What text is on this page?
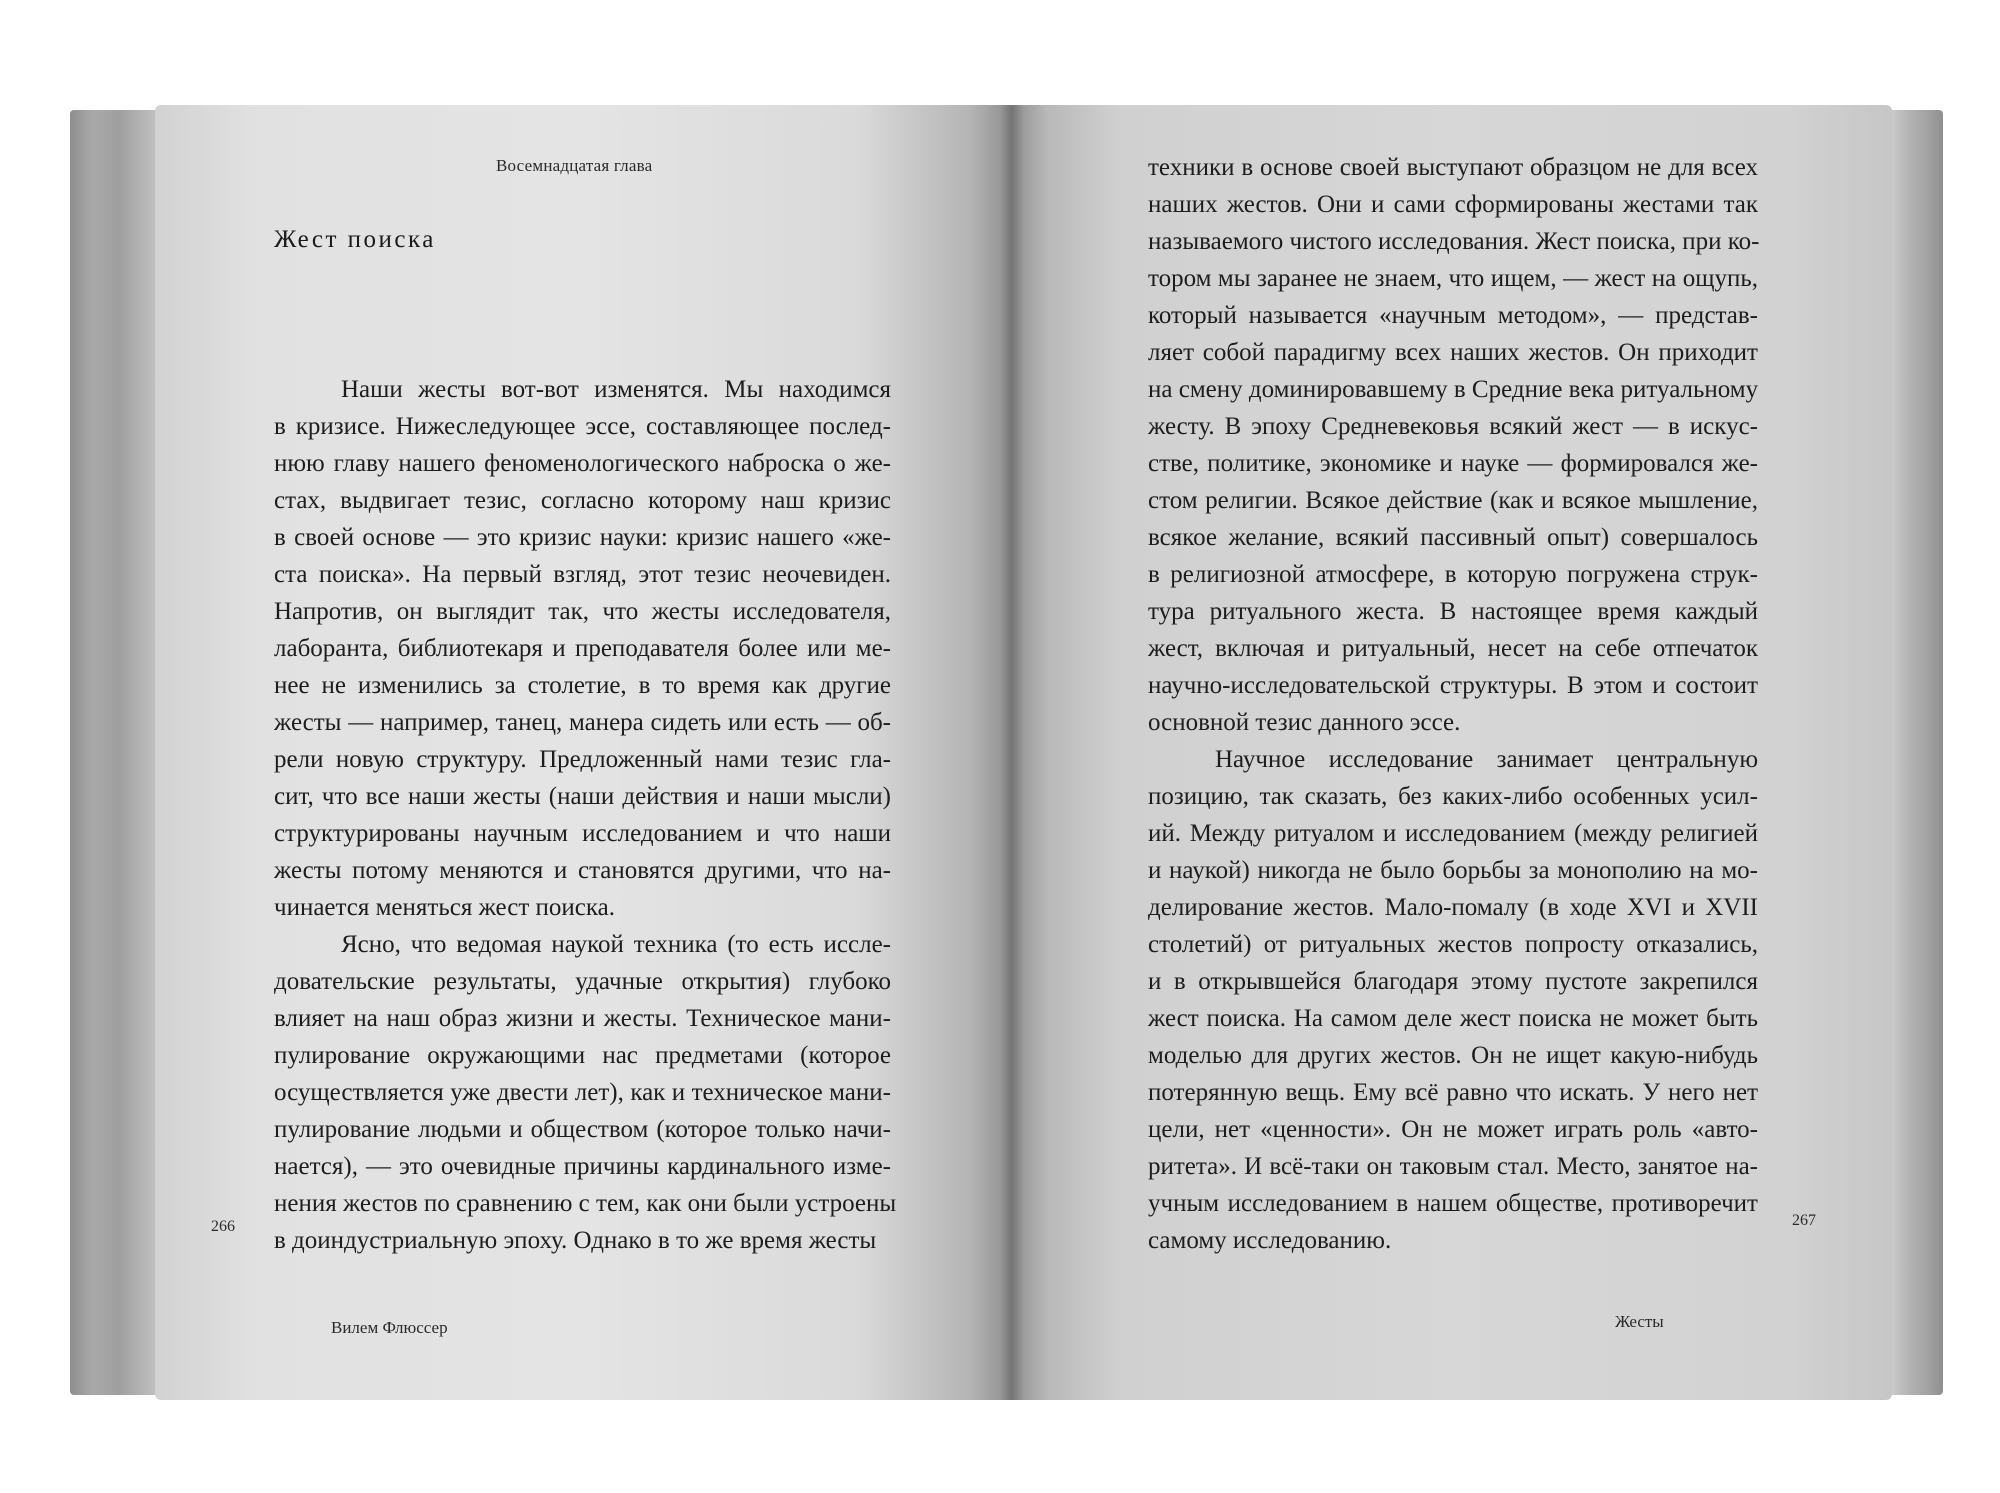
Восемнадцатая глава
Жест поиска
Наши жесты вот-вот изменятся. Мы находимся
в кризисе. Нижеследующее эссе, составляющее послед-
нюю главу нашего феноменологического наброска о же-
стах, выдвигает тезис, согласно которому наш кризис
в своей основе — это кризис науки: кризис нашего «же-
ста поиска». На первый взгляд, этот тезис неочевиден.
Напротив, он выглядит так, что жесты исследователя,
лаборанта, библиотекаря и преподавателя более или ме-
нее не изменились за столетие, в то время как другие
жесты — например, танец, манера сидеть или есть — об-
рели новую структуру. Предложенный нами тезис гла-
сит, что все наши жесты (наши действия и наши мысли)
структурированы научным исследованием и что наши
жесты потому меняются и становятся другими, что на-
чинается меняться жест поиска.
Ясно, что ведомая наукой техника (то есть иссле-
довательские результаты, удачные открытия) глубоко
влияет на наш образ жизни и жесты. Техническое мани-
пулирование окружающими нас предметами (которое
осуществляется уже двести лет), как и техническое мани-
пулирование людьми и обществом (которое только начи-
нается), — это очевидные причины кардинального изме-
нения жестов по сравнению с тем, как они были устроены
в доиндустриальную эпоху. Однако в то же время жесты
266
Вилем Флюссер
техники в основе своей выступают образцом не для всех
наших жестов. Они и сами сформированы жестами так
называемого чистого исследования. Жест поиска, при ко-
тором мы заранее не знаем, что ищем, — жест на ощупь,
который называется «научным методом», — представ-
ляет собой парадигму всех наших жестов. Он приходит
на смену доминировавшему в Средние века ритуальному
жесту. В эпоху Средневековья всякий жест — в искус-
стве, политике, экономике и науке — формировался же-
стом религии. Всякое действие (как и всякое мышление,
всякое желание, всякий пассивный опыт) совершалось
в религиозной атмосфере, в которую погружена струк-
тура ритуального жеста. В настоящее время каждый
жест, включая и ритуальный, несет на себе отпечаток
научно-исследовательской структуры. В этом и состоит
основной тезис данного эссе.
Научное исследование занимает центральную
позицию, так сказать, без каких-либо особенных усил-
ий. Между ритуалом и исследованием (между религией
и наукой) никогда не было борьбы за монополию на мо-
делирование жестов. Мало-помалу (в ходе XVI и XVII
столетий) от ритуальных жестов попросту отказались,
и в открывшейся благодаря этому пустоте закрепился
жест поиска. На самом деле жест поиска не может быть
моделью для других жестов. Он не ищет какую-нибудь
потерянную вещь. Ему всё равно что искать. У него нет
цели, нет «ценности». Он не может играть роль «авто-
ритета». И всё-таки он таковым стал. Место, занятое на-
учным исследованием в нашем обществе, противоречит
самому исследованию.
267
Жесты
